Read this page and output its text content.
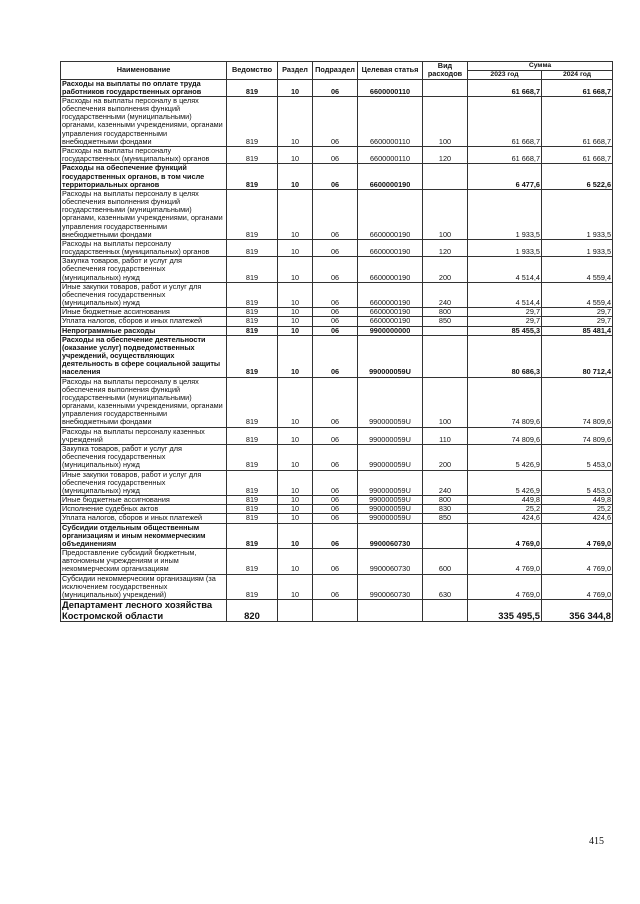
Наименование	Ведомство	Раздел	Подраздел	Целевая статья	Вид расходов	Сумма	
						2023 год	2024 год

Расходы на выплаты по оплате труда работников государственных органов	819	10	06	6600000110		61 668,7	61 668,7
Расходы на выплаты персоналу в целях обеспечения выполнения функций государственными (муниципальными) органами, казенными учреждениями, органами управления государственными внебюджетными фондами	819	10	06	6600000110	100	61 668,7	61 668,7
Расходы на выплаты персоналу государственных (муниципальных) органов	819	10	06	6600000110	120	61 668,7	61 668,7
Расходы на обеспечение функций государственных органов, в том числе территориальных органов	819	10	06	6600000190		6 477,6	6 522,6
Расходы на выплаты персоналу в целях обеспечения выполнения функций государственными (муниципальными) органами, казенными учреждениями, органами управления государственными внебюджетными фондами	819	10	06	6600000190	100	1 933,5	1 933,5
Расходы на выплаты персоналу государственных (муниципальных) органов	819	10	06	6600000190	120	1 933,5	1 933,5
Закупка товаров, работ и услуг для обеспечения государственных (муниципальных) нужд	819	10	06	6600000190	200	4 514,4	4 559,4
Иные закупки товаров, работ и услуг для обеспечения государственных (муниципальных) нужд	819	10	06	6600000190	240	4 514,4	4 559,4
Иные бюджетные ассигнования	819	10	06	6600000190	800	29,7	29,7
Уплата налогов, сборов и иных платежей	819	10	06	6600000190	850	29,7	29,7
Непрограммные расходы	819	10	06	9900000000		85 455,3	85 481,4
Расходы на обеспечение деятельности (оказание услуг) подведомственных учреждений, осуществляющих деятельность в сфере социальной защиты населения	819	10	06	990000059U		80 686,3	80 712,4
Расходы на выплаты персоналу в целях обеспечения выполнения функций государственными (муниципальными) органами, казенными учреждениями, органами управления государственными внебюджетными фондами	819	10	06	990000059U	100	74 809,6	74 809,6
Расходы на выплаты персоналу казенных учреждений	819	10	06	990000059U	110	74 809,6	74 809,6
Закупка товаров, работ и услуг для обеспечения государственных (муниципальных) нужд	819	10	06	990000059U	200	5 426,9	5 453,0
Иные закупки товаров, работ и услуг для обеспечения государственных (муниципальных) нужд	819	10	06	990000059U	240	5 426,9	5 453,0
Иные бюджетные ассигнования	819	10	06	990000059U	800	449,8	449,8
Исполнение судебных актов	819	10	06	990000059U	830	25,2	25,2
Уплата налогов, сборов и иных платежей	819	10	06	990000059U	850	424,6	424,6
Субсидии отдельным общественным организациям и иным некоммерческим объединениям	819	10	06	9900060730		4 769,0	4 769,0
Предоставление субсидий бюджетным, автономным учреждениям и иным некоммерческим организациям	819	10	06	9900060730	600	4 769,0	4 769,0
Субсидии некоммерческим организациям (за исключением государственных (муниципальных) учреждений)	819	10	06	9900060730	630	4 769,0	4 769,0
Департамент лесного хозяйства Костромской области	820					335 495,5	356 344,8
415
